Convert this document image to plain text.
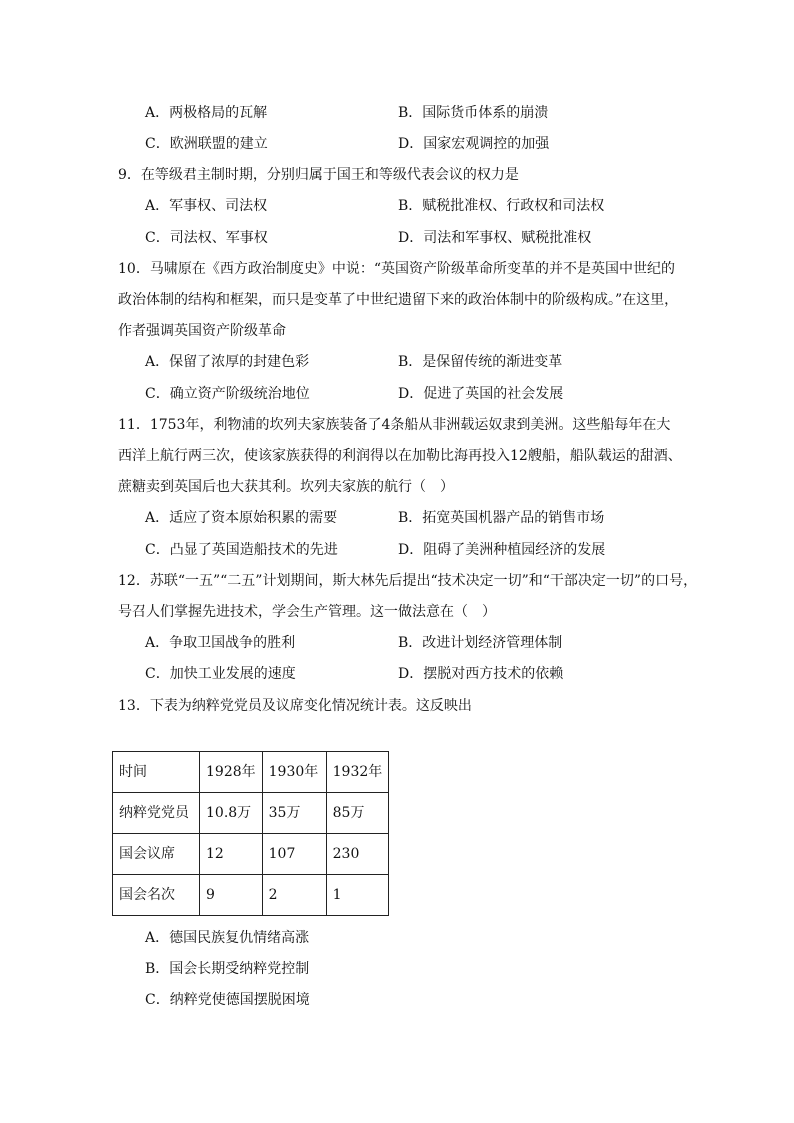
A．两极格局的瓦解	B．国际货币体系的崩溃
C．欧洲联盟的建立	D．国家宏观调控的加强
9．在等级君主制时期，分别归属于国王和等级代表会议的权力是
A．军事权、司法权	B．赋税批准权、行政权和司法权
C．司法权、军事权	D．司法和军事权、赋税批准权
10．马啸原在《西方政治制度史》中说：“英国资产阶级革命所变革的并不是英国中世纪的
政治体制的结构和框架，而只是变革了中世纪遗留下来的政治体制中的阶级构成。”在这里，
作者强调英国资产阶级革命
A．保留了浓厚的封建色彩	B．是保留传统的渐进变革
C．确立资产阶级统治地位	D．促进了英国的社会发展
11．1753年，利物浦的坎列夫家族装备了4条船从非洲载运奴隶到美洲。这些船每年在大
西洋上航行两三次，使该家族获得的利润得以在加勒比海再投入12艘船，船队载运的甜酒、
蔗糖卖到英国后也大获其利。坎列夫家族的航行（　）
A．适应了资本原始积累的需要	B．拓宽英国机器产品的销售市场
C．凸显了英国造船技术的先进	D．阻碍了美洲种植园经济的发展
12．苏联“一五”“二五”计划期间，斯大林先后提出“技术决定一切”和“干部决定一切”的口号，
号召人们掌握先进技术，学会生产管理。这一做法意在（　）
A．争取卫国战争的胜利	B．改进计划经济管理体制
C．加快工业发展的速度	D．摆脱对西方技术的依赖
13．下表为纳粹党党员及议席变化情况统计表。这反映出
时间	1928年	1930年	1932年
纳粹党党员	10.8万	35万	85万
国会议席	12	107	230
国会名次	9	2	1
A．德国民族复仇情绪高涨
B．国会长期受纳粹党控制
C．纳粹党使德国摆脱困境
